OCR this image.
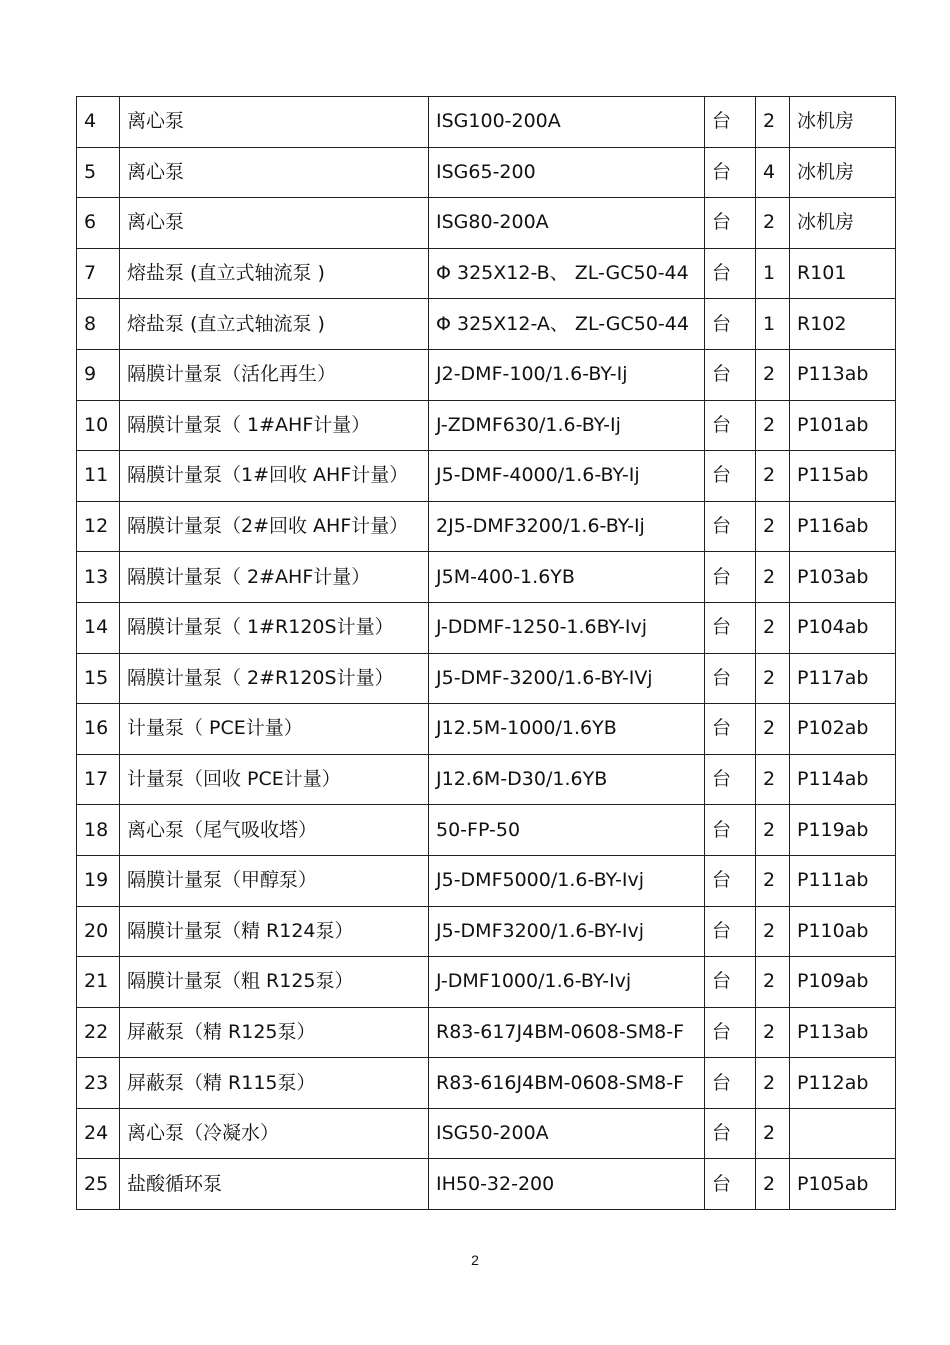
4	离心泵	ISG100-200A	台	2	冰机房
5	离心泵	ISG65-200	台	4	冰机房
6	离心泵	ISG80-200A	台	2	冰机房
7	熔盐泵 (直立式轴流泵 )	Φ 325X12-B、 ZL-GC50-44	台	1	R101
8	熔盐泵 (直立式轴流泵 )	Φ 325X12-A、 ZL-GC50-44	台	1	R102
9	隔膜计量泵（活化再生）	J2-DMF-100/1.6-BY-Ij	台	2	P113ab
10	隔膜计量泵（ 1#AHF计量）	J-ZDMF630/1.6-BY-Ij	台	2	P101ab
11	隔膜计量泵（1#回收 AHF计量）	J5-DMF-4000/1.6-BY-Ij	台	2	P115ab
12	隔膜计量泵（2#回收 AHF计量）	2J5-DMF3200/1.6-BY-Ij	台	2	P116ab
13	隔膜计量泵（ 2#AHF计量）	J5M-400-1.6YB	台	2	P103ab
14	隔膜计量泵（ 1#R120S计量）	J-DDMF-1250-1.6BY-Ivj	台	2	P104ab
15	隔膜计量泵（ 2#R120S计量）	J5-DMF-3200/1.6-BY-IVj	台	2	P117ab
16	计量泵（ PCE计量）	J12.5M-1000/1.6YB	台	2	P102ab
17	计量泵（回收 PCE计量）	J12.6M-D30/1.6YB	台	2	P114ab
18	离心泵（尾气吸收塔）	50-FP-50	台	2	P119ab
19	隔膜计量泵（甲醇泵）	J5-DMF5000/1.6-BY-Ivj	台	2	P111ab
20	隔膜计量泵（精 R124泵）	J5-DMF3200/1.6-BY-Ivj	台	2	P110ab
21	隔膜计量泵（粗 R125泵）	J-DMF1000/1.6-BY-Ivj	台	2	P109ab
22	屏蔽泵（精 R125泵）	R83-617J4BM-0608-SM8-F	台	2	P113ab
23	屏蔽泵（精 R115泵）	R83-616J4BM-0608-SM8-F	台	2	P112ab
24	离心泵（冷凝水）	ISG50-200A	台	2	
25	盐酸循环泵	IH50-32-200	台	2	P105ab
2
